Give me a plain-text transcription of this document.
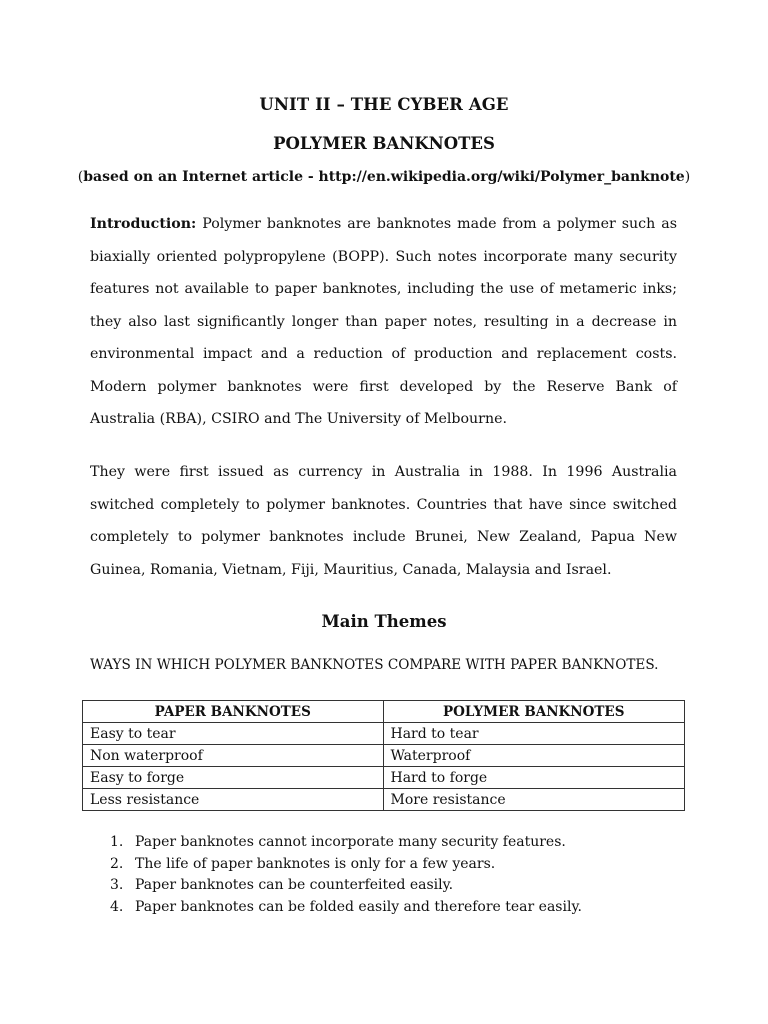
UNIT II – THE CYBER AGE
POLYMER BANKNOTES
(based on an Internet article - http://en.wikipedia.org/wiki/Polymer_banknote)

Introduction: Polymer banknotes are banknotes made from a polymer such as biaxially oriented polypropylene (BOPP). Such notes incorporate many security features not available to paper banknotes, including the use of metameric inks; they also last significantly longer than paper notes, resulting in a decrease in environmental impact and a reduction of production and replacement costs. Modern polymer banknotes were first developed by the Reserve Bank of Australia (RBA), CSIRO and The University of Melbourne.

They were first issued as currency in Australia in 1988. In 1996 Australia switched completely to polymer banknotes. Countries that have since switched completely to polymer banknotes include Brunei, New Zealand, Papua New Guinea, Romania, Vietnam, Fiji, Mauritius, Canada, Malaysia and Israel.

Main Themes
WAYS IN WHICH POLYMER BANKNOTES COMPARE WITH PAPER BANKNOTES.
PAPER BANKNOTES	POLYMER BANKNOTES
Easy to tear	Hard to tear
Non waterproof	Waterproof
Easy to forge	Hard to forge
Less resistance	More resistance
1. Paper banknotes cannot incorporate many security features.
2. The life of paper banknotes is only for a few years.
3. Paper banknotes can be counterfeited easily.
4. Paper banknotes can be folded easily and therefore tear easily.
